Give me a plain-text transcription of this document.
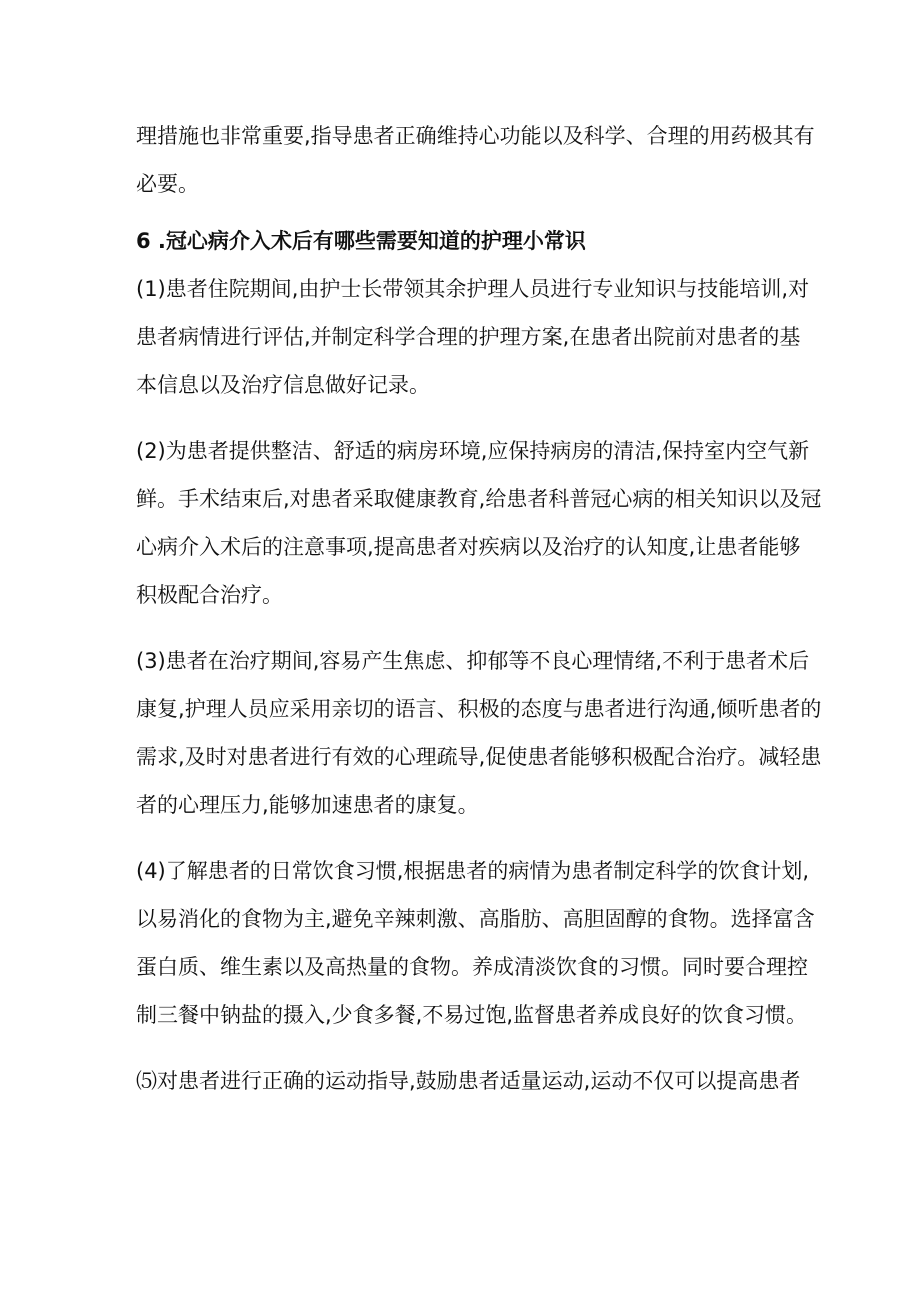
理措施也非常重要,指导患者正确维持心功能以及科学、合理的用药极其有
必要。
6 .冠心病介入术后有哪些需要知道的护理小常识
(1)患者住院期间,由护士长带领其余护理人员进行专业知识与技能培训,对
患者病情进行评估,并制定科学合理的护理方案,在患者出院前对患者的基
本信息以及治疗信息做好记录。
(2)为患者提供整洁、舒适的病房环境,应保持病房的清洁,保持室内空气新
鲜。手术结束后,对患者采取健康教育,给患者科普冠心病的相关知识以及冠
心病介入术后的注意事项,提高患者对疾病以及治疗的认知度,让患者能够
积极配合治疗。
(3)患者在治疗期间,容易产生焦虑、抑郁等不良心理情绪,不利于患者术后
康复,护理人员应采用亲切的语言、积极的态度与患者进行沟通,倾听患者的
需求,及时对患者进行有效的心理疏导,促使患者能够积极配合治疗。减轻患
者的心理压力,能够加速患者的康复。
(4)了解患者的日常饮食习惯,根据患者的病情为患者制定科学的饮食计划,
以易消化的食物为主,避免辛辣刺激、高脂肪、高胆固醇的食物。选择富含
蛋白质、维生素以及高热量的食物。养成清淡饮食的习惯。同时要合理控
制三餐中钠盐的摄入,少食多餐,不易过饱,监督患者养成良好的饮食习惯。
⑸对患者进行正确的运动指导,鼓励患者适量运动,运动不仅可以提高患者
